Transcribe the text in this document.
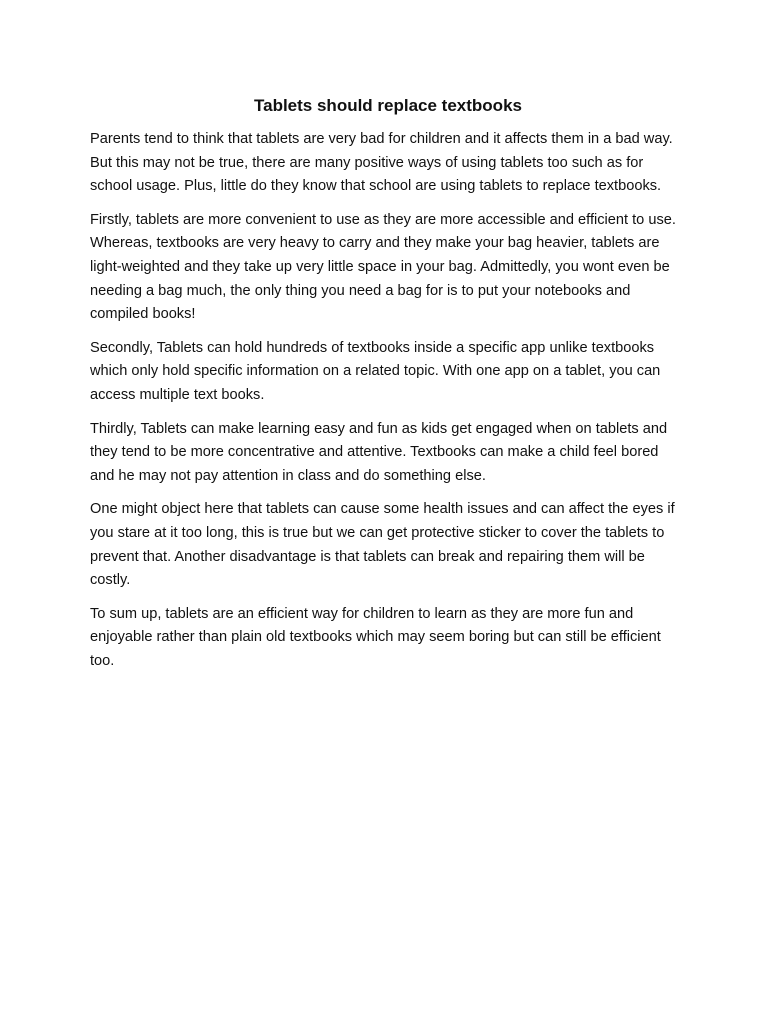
Tablets should replace textbooks

Parents tend to think that tablets are very bad for children and it affects them in a bad way. But this may not be true, there are many positive ways of using tablets too such as for school usage. Plus, little do they know that school are using tablets to replace textbooks.

Firstly, tablets are more convenient to use as they are more accessible and efficient to use. Whereas, textbooks are very heavy to carry and they make your bag heavier, tablets are light-weighted and they take up very little space in your bag. Admittedly, you wont even be needing a bag much, the only thing you need a bag for is to put your notebooks and compiled books!

Secondly, Tablets can hold hundreds of textbooks inside a specific app unlike textbooks which only hold specific information on a related topic. With one app on a tablet, you can access multiple text books.

Thirdly, Tablets can make learning easy and fun as kids get engaged when on tablets and they tend to be more concentrative and attentive. Textbooks can make a child feel bored and he may not pay attention in class and do something else.

One might object here that tablets can cause some health issues and can affect the eyes if you stare at it too long, this is true but we can get protective sticker to cover the tablets to prevent that. Another disadvantage is that tablets can break and repairing them will be costly.

To sum up, tablets are an efficient way for children to learn as they are more fun and enjoyable rather than plain old textbooks which may seem boring but can still be efficient too.
